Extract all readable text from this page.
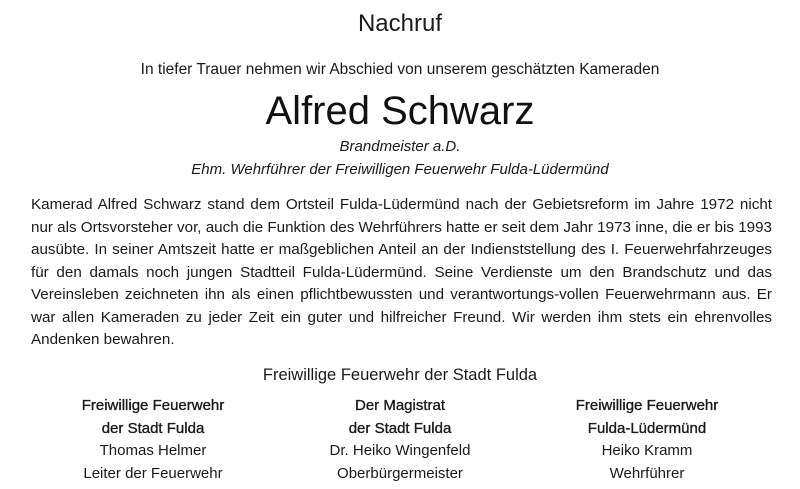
Nachruf
In tiefer Trauer nehmen wir Abschied von unserem geschätzten Kameraden
Alfred Schwarz
Brandmeister a.D.
Ehm. Wehrführer der Freiwilligen Feuerwehr Fulda-Lüdermünd
Kamerad Alfred Schwarz stand dem Ortsteil Fulda-Lüdermünd nach der Gebietsreform im Jahre 1972 nicht nur als Ortsvorsteher vor, auch die Funktion des Wehrführers hatte er seit dem Jahr 1973 inne, die er bis 1993 ausübte. In seiner Amtszeit hatte er maßgeblichen Anteil an der Indienststellung des I. Feuerwehrfahrzeuges für den damals noch jungen Stadtteil Fulda-Lüdermünd. Seine Verdienste um den Brandschutz und das Vereinsleben zeichneten ihn als einen pflichtbewussten und verantwortungs-vollen Feuerwehrmann aus. Er war allen Kameraden zu jeder Zeit ein guter und hilfreicher Freund. Wir werden ihm stets ein ehrenvolles Andenken bewahren.
Freiwillige Feuerwehr der Stadt Fulda
Freiwillige Feuerwehr
der Stadt Fulda
Thomas Helmer
Leiter der Feuerwehr
Der Magistrat
der Stadt Fulda
Dr. Heiko Wingenfeld
Oberbürgermeister
Freiwillige Feuerwehr
Fulda-Lüdermünd
Heiko Kramm
Wehrführer
